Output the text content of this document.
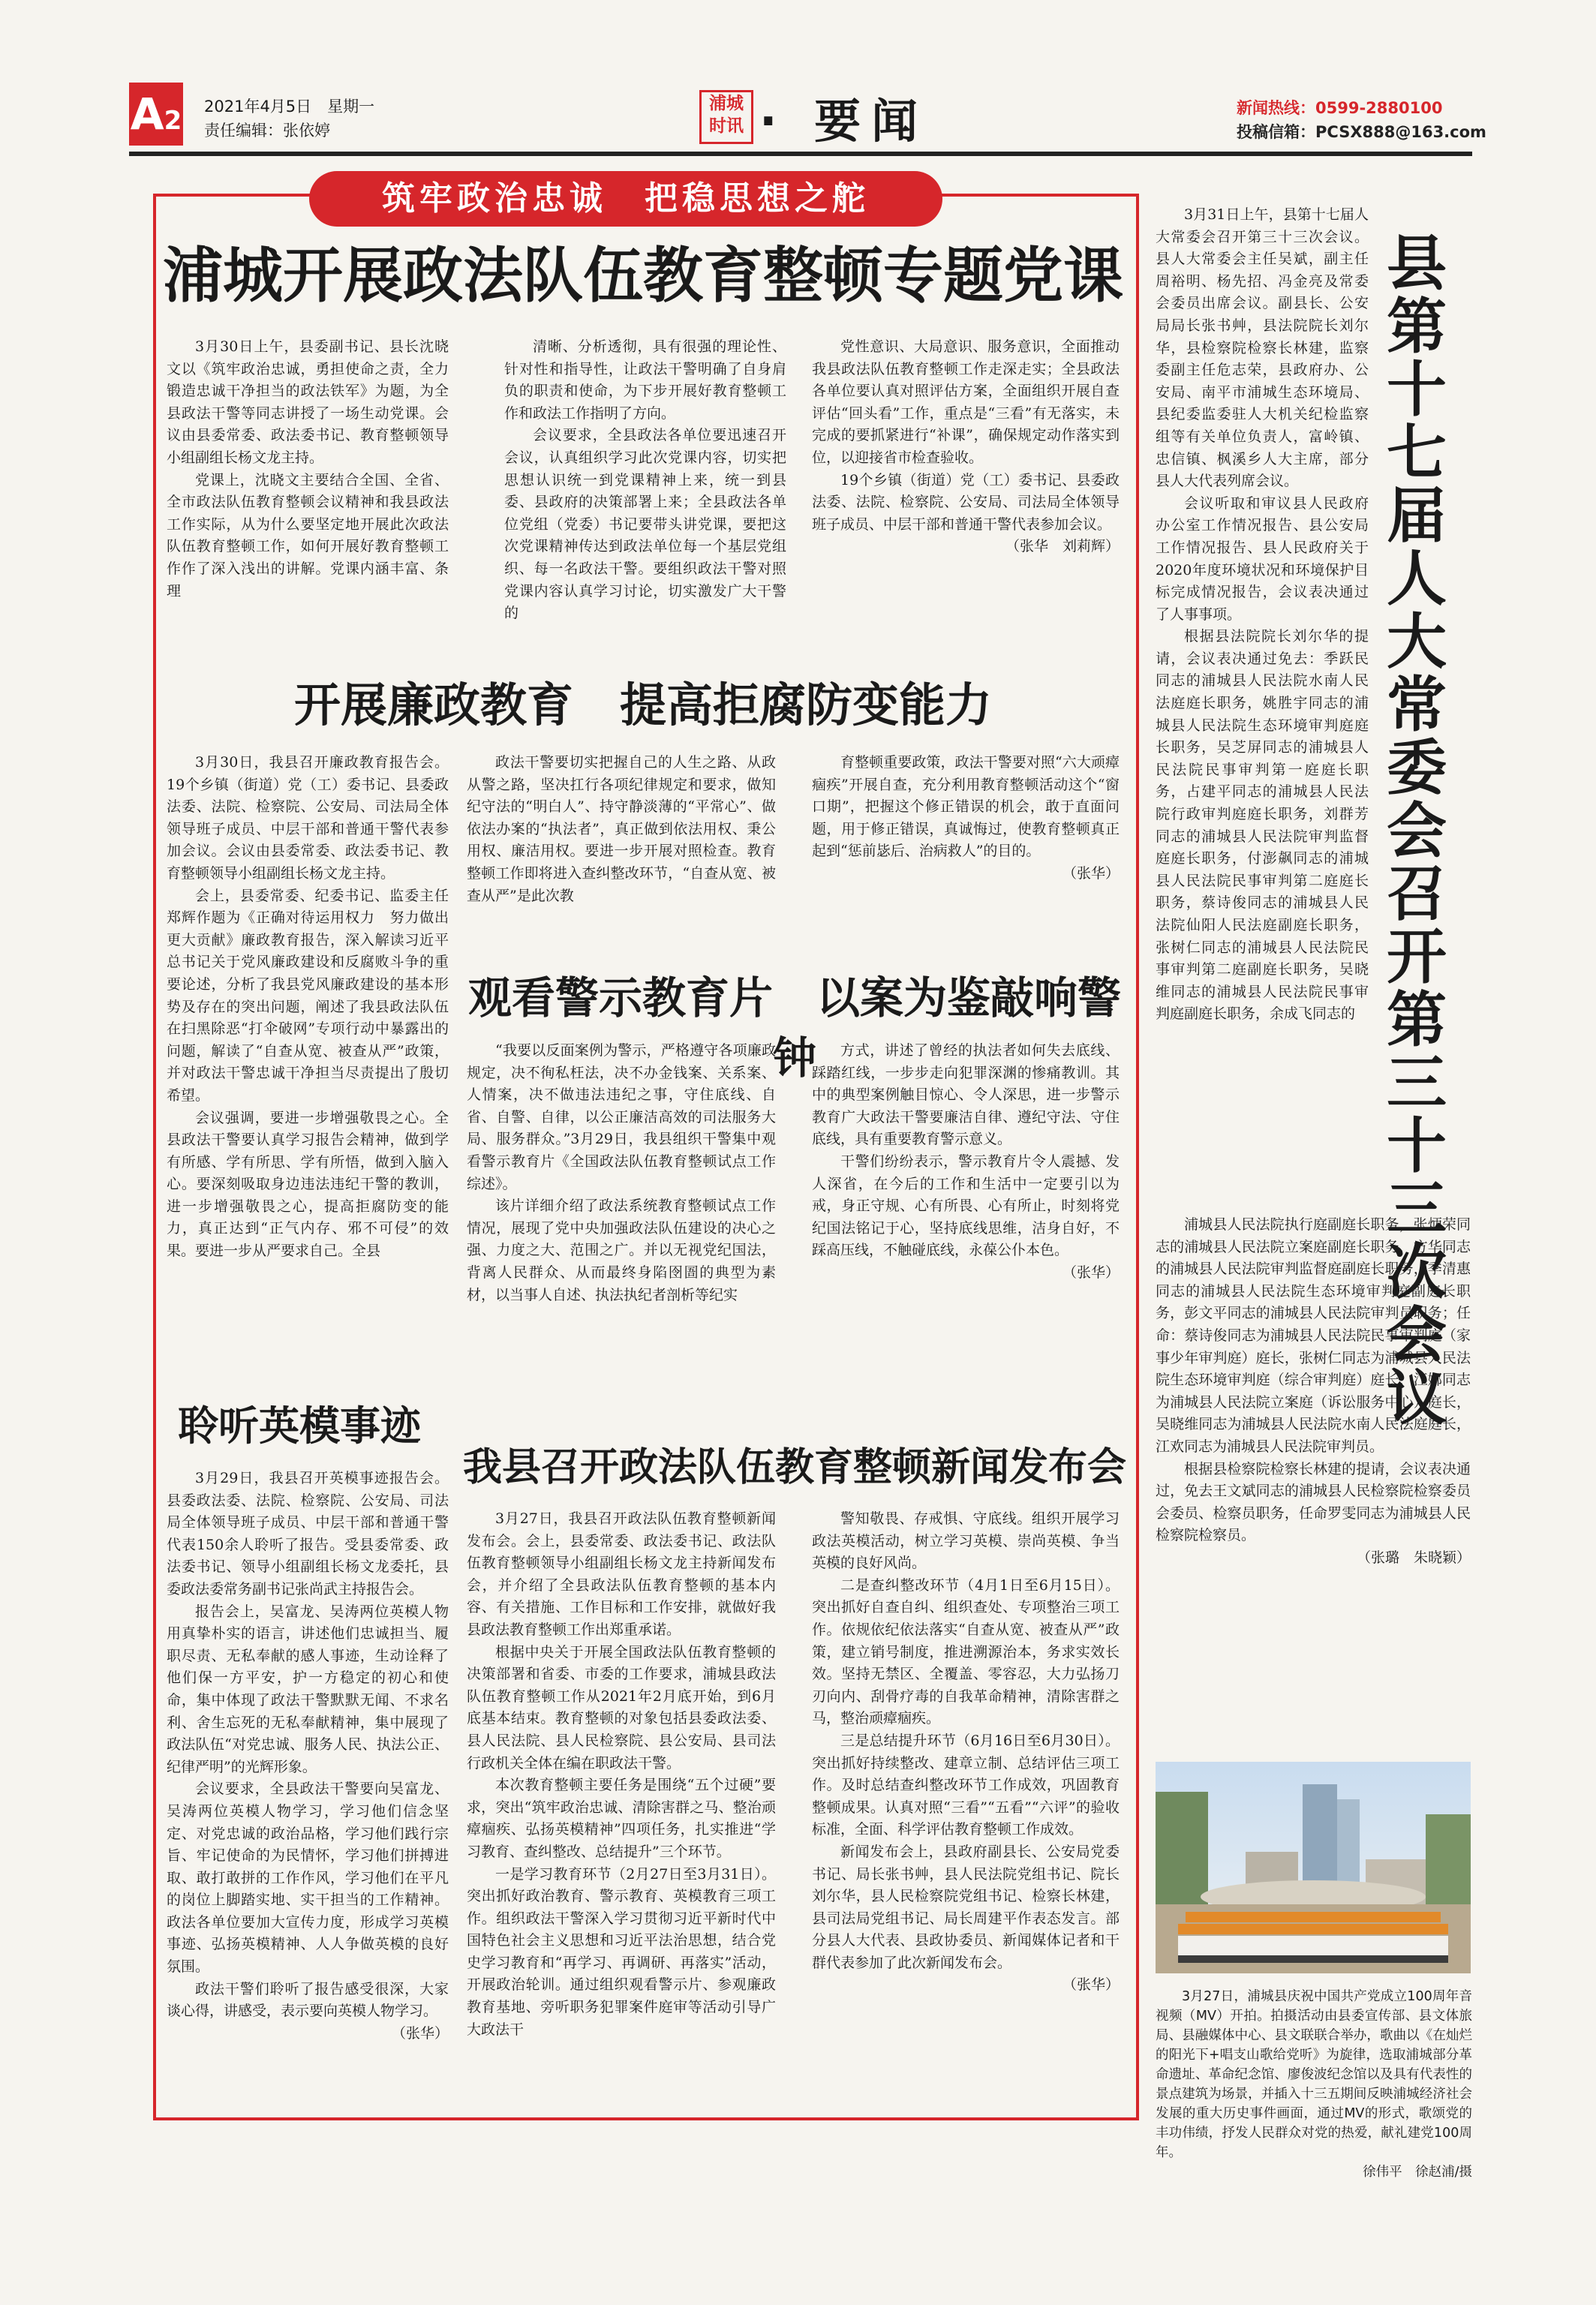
A2 2021年4月5日　星期一
责任编辑：张依婷
浦城
时讯 · 要闻	新闻热线：0599-2880100
投稿信箱：PCSX888@163.com
筑牢政治忠诚　把稳思想之舵
浦城开展政法队伍教育整顿专题党课

3月30日上午，县委副书记、县长沈晓文以《筑牢政治忠诚，勇担使命之责，全力锻造忠诚干净担当的政法铁军》为题，为全县政法干警等同志讲授了一场生动党课。会议由县委常委、政法委书记、教育整顿领导小组副组长杨文龙主持。

党课上，沈晓文主要结合全国、全省、全市政法队伍教育整顿会议精神和我县政法工作实际，从为什么要坚定地开展此次政法队伍教育整顿工作，如何开展好教育整顿工作作了深入浅出的讲解。党课内涵丰富、条理

清晰、分析透彻，具有很强的理论性、针对性和指导性，让政法干警明确了自身肩负的职责和使命，为下步开展好教育整顿工作和政法工作指明了方向。

会议要求，全县政法各单位要迅速召开会议，认真组织学习此次党课内容，切实把思想认识统一到党课精神上来，统一到县委、县政府的决策部署上来；全县政法各单位党组（党委）书记要带头讲党课，要把这次党课精神传达到政法单位每一个基层党组织、每一名政法干警。要组织政法干警对照党课内容认真学习讨论，切实激发广大干警的

党性意识、大局意识、服务意识，全面推动我县政法队伍教育整顿工作走深走实；全县政法各单位要认真对照评估方案，全面组织开展自查评估“回头看”工作，重点是“三看”有无落实，未完成的要抓紧进行“补课”，确保规定动作落实到位，以迎接省市检查验收。

19个乡镇（街道）党（工）委书记、县委政法委、法院、检察院、公安局、司法局全体领导班子成员、中层干部和普通干警代表参加会议。

（张华　刘莉辉）
开展廉政教育　提高拒腐防变能力

3月30日，我县召开廉政教育报告会。19个乡镇（街道）党（工）委书记、县委政法委、法院、检察院、公安局、司法局全体领导班子成员、中层干部和普通干警代表参加会议。会议由县委常委、政法委书记、教育整顿领导小组副组长杨文龙主持。

会上，县委常委、纪委书记、监委主任郑辉作题为《正确对待运用权力　努力做出更大贡献》廉政教育报告，深入解读习近平总书记关于党风廉政建设和反腐败斗争的重要论述，分析了我县党风廉政建设的基本形势及存在的突出问题，阐述了我县政法队伍在扫黑除恶“打伞破网”专项行动中暴露出的问题，解读了“自查从宽、被查从严”政策，并对政法干警忠诚干净担当尽责提出了殷切希望。

会议强调，要进一步增强敬畏之心。全县政法干警要认真学习报告会精神，做到学有所感、学有所思、学有所悟，做到入脑入心。要深刻吸取身边违法违纪干警的教训，进一步增强敬畏之心，提高拒腐防变的能力，真正达到“正气内存、邪不可侵”的效果。要进一步从严要求自己。全县

政法干警要切实把握自己的人生之路、从政从警之路，坚决扛行各项纪律规定和要求，做知纪守法的“明白人”、持守静淡薄的“平常心”、做依法办案的“执法者”，真正做到依法用权、秉公用权、廉洁用权。要进一步开展对照检查。教育整顿工作即将进入查纠整改环节，“自查从宽、被查从严”是此次教

育整顿重要政策，政法干警要对照“六大顽瘴痼疾”开展自查，充分利用教育整顿活动这个“窗口期”，把握这个修正错误的机会，敢于直面问题，用于修正错误，真诚悔过，使教育整顿真正起到“惩前毖后、治病救人”的目的。

（张华）
观看警示教育片　以案为鉴敲响警钟

“我要以反面案例为警示，严格遵守各项廉政规定，决不徇私枉法，决不办金钱案、关系案、人情案，决不做违法违纪之事，守住底线、自省、自警、自律，以公正廉洁高效的司法服务大局、服务群众。”3月29日，我县组织干警集中观看警示教育片《全国政法队伍教育整顿试点工作综述》。

该片详细介绍了政法系统教育整顿试点工作情况，展现了党中央加强政法队伍建设的决心之强、力度之大、范围之广。并以无视党纪国法，背离人民群众、从而最终身陷囹圄的典型为素材，以当事人自述、执法执纪者剖析等纪实

方式，讲述了曾经的执法者如何失去底线、踩踏红线，一步步走向犯罪深渊的惨痛教训。其中的典型案例触目惊心、令人深思，进一步警示教育广大政法干警要廉洁自律、遵纪守法、守住底线，具有重要教育警示意义。

干警们纷纷表示，警示教育片令人震撼、发人深省，在今后的工作和生活中一定要引以为戒，身正守规、心有所畏、心有所止，时刻将党纪国法铭记于心，坚持底线思维，洁身自好，不踩高压线，不触碰底线，永葆公仆本色。

（张华）
聆听英模事迹

3月29日，我县召开英模事迹报告会。县委政法委、法院、检察院、公安局、司法局全体领导班子成员、中层干部和普通干警代表150余人聆听了报告。受县委常委、政法委书记、领导小组副组长杨文龙委托，县委政法委常务副书记张尚武主持报告会。

报告会上，吴富龙、吴涛两位英模人物用真挚朴实的语言，讲述他们忠诚担当、履职尽责、无私奉献的感人事迹，生动诠释了他们保一方平安，护一方稳定的初心和使命，集中体现了政法干警默默无闻、不求名利、舍生忘死的无私奉献精神，集中展现了政法队伍“对党忠诚、服务人民、执法公正、纪律严明”的光辉形象。

会议要求，全县政法干警要向吴富龙、吴涛两位英模人物学习，学习他们信念坚定、对党忠诚的政治品格，学习他们践行宗旨、牢记使命的为民情怀，学习他们拼搏进取、敢打敢拼的工作作风，学习他们在平凡的岗位上脚踏实地、实干担当的工作精神。政法各单位要加大宣传力度，形成学习英模事迹、弘扬英模精神、人人争做英模的良好氛围。

政法干警们聆听了报告感受很深，大家谈心得，讲感受，表示要向英模人物学习。

（张华）
我县召开政法队伍教育整顿新闻发布会

3月27日，我县召开政法队伍教育整顿新闻发布会。会上，县委常委、政法委书记、政法队伍教育整顿领导小组副组长杨文龙主持新闻发布会，并介绍了全县政法队伍教育整顿的基本内容、有关措施、工作目标和工作安排，就做好我县政法教育整顿工作出郑重承诺。

根据中央关于开展全国政法队伍教育整顿的决策部署和省委、市委的工作要求，浦城县政法队伍教育整顿工作从2021年2月底开始，到6月底基本结束。教育整顿的对象包括县委政法委、县人民法院、县人民检察院、县公安局、县司法行政机关全体在编在职政法干警。

本次教育整顿主要任务是围绕“五个过硬”要求，突出“筑牢政治忠诚、清除害群之马、整治顽瘴痼疾、弘扬英模精神”四项任务，扎实推进“学习教育、查纠整改、总结提升”三个环节。

一是学习教育环节（2月27日至3月31日）。突出抓好政治教育、警示教育、英模教育三项工作。组织政法干警深入学习贯彻习近平新时代中国特色社会主义思想和习近平法治思想，结合党史学习教育和“再学习、再调研、再落实”活动，开展政治轮训。通过组织观看警示片、参观廉政教育基地、旁听职务犯罪案件庭审等活动引导广大政法干

警知敬畏、存戒惧、守底线。组织开展学习政法英模活动，树立学习英模、崇尚英模、争当英模的良好风尚。

二是查纠整改环节（4月1日至6月15日）。突出抓好自查自纠、组织查处、专项整治三项工作。依规依纪依法落实“自查从宽、被查从严”政策，建立销号制度，推进溯源治本，务求实效长效。坚持无禁区、全覆盖、零容忍，大力弘扬刀刃向内、刮骨疗毒的自我革命精神，清除害群之马，整治顽瘴痼疾。

三是总结提升环节（6月16日至6月30日）。突出抓好持续整改、建章立制、总结评估三项工作。及时总结查纠整改环节工作成效，巩固教育整顿成果。认真对照“三看”“五看”“六评”的验收标准，全面、科学评估教育整顿工作成效。

新闻发布会上，县政府副县长、公安局党委书记、局长张书艸，县人民法院党组书记、院长刘尔华，县人民检察院党组书记、检察长林建，县司法局党组书记、局长周建平作表态发言。部分县人大代表、县政协委员、新闻媒体记者和干群代表参加了此次新闻发布会。

（张华）
县
第
十
七
届
人
大
常
委
会
召
开
第
三
十
三
次
会
议

3月31日上午，县第十七届人大常委会召开第三十三次会议。县人大常委会主任吴斌，副主任周裕明、杨先招、冯金亮及常委会委员出席会议。副县长、公安局局长张书艸，县法院院长刘尔华，县检察院检察长林建，监察委副主任危志荣，县政府办、公安局、南平市浦城生态环境局、县纪委监委驻人大机关纪检监察组等有关单位负责人，富岭镇、忠信镇、枫溪乡人大主席，部分县人大代表列席会议。

会议听取和审议县人民政府办公室工作情况报告、县公安局工作情况报告、县人民政府关于2020年度环境状况和环境保护目标完成情况报告，会议表决通过了人事事项。

根据县法院院长刘尔华的提请，会议表决通过免去：季跃民同志的浦城县人民法院水南人民法庭庭长职务，姚胜宇同志的浦城县人民法院生态环境审判庭庭长职务，吴芝屏同志的浦城县人民法院民事审判第一庭庭长职务，占建平同志的浦城县人民法院行政审判庭庭长职务，刘群芳同志的浦城县人民法院审判监督庭庭长职务，付澎飙同志的浦城县人民法院民事审判第二庭庭长职务，蔡诗俊同志的浦城县人民法院仙阳人民法庭副庭长职务，张树仁同志的浦城县人民法院民事审判第二庭副庭长职务，吴晓维同志的浦城县人民法院民事审判庭副庭长职务，余成飞同志的

浦城县人民法院执行庭副庭长职务，张炳荣同志的浦城县人民法院立案庭副庭长职务，方华同志的浦城县人民法院审判监督庭副庭长职务，季清惠同志的浦城县人民法院生态环境审判庭副庭长职务，彭文平同志的浦城县人民法院审判员职务；任命：蔡诗俊同志为浦城县人民法院民事审判庭（家事少年审判庭）庭长，张树仁同志为浦城县人民法院生态环境审判庭（综合审判庭）庭长，江娜同志为浦城县人民法院立案庭（诉讼服务中心）庭长，吴晓维同志为浦城县人民法院水南人民法庭庭长，江欢同志为浦城县人民法院审判员。

根据县检察院检察长林建的提请，会议表决通过，免去王文斌同志的浦城县人民检察院检察委员会委员、检察员职务，任命罗雯同志为浦城县人民检察院检察员。

（张璐　朱晓颖）

3月27日，浦城县庆祝中国共产党成立100周年音视频（MV）开拍。拍摄活动由县委宣传部、县文体旅局、县融媒体中心、县文联联合举办，歌曲以《在灿烂的阳光下+唱支山歌给党听》为旋律，选取浦城部分革命遗址、革命纪念馆、廖俊波纪念馆以及具有代表性的景点建筑为场景，并插入十三五期间反映浦城经济社会发展的重大历史事件画面，通过MV的形式，歌颂党的丰功伟绩，抒发人民群众对党的热爱，献礼建党100周年。

徐伟平　徐赵浦/摄
